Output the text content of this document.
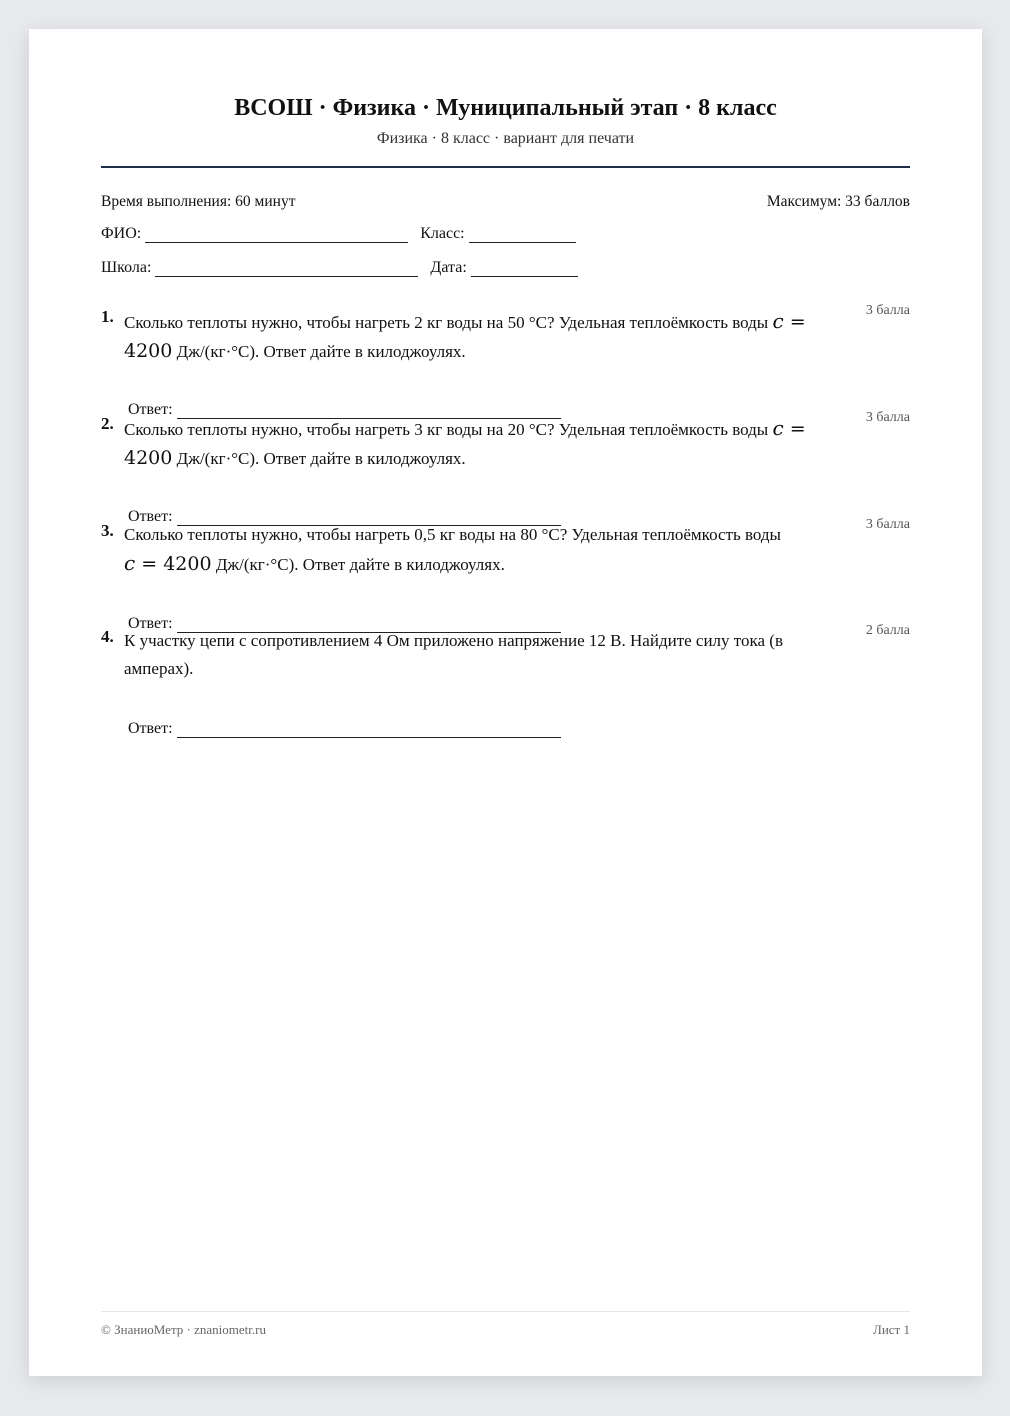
ВСОШ · Физика · Муниципальный этап · 8 класс
Физика · 8 класс · вариант для печати
Время выполнения: 60 минут	Максимум: 33 баллов
ФИО:	Класс:
Школа:	Дата:
1. Сколько теплоты нужно, чтобы нагреть 2 кг воды на 50 °C? Удельная теплоёмкость воды c =
4200 Дж/(кг·°C). Ответ дайте в килоджоулях.
3 балла
Ответ:
2. Сколько теплоты нужно, чтобы нагреть 3 кг воды на 20 °C? Удельная теплоёмкость воды c =
4200 Дж/(кг·°C). Ответ дайте в килоджоулях.
3 балла
Ответ:
3. Сколько теплоты нужно, чтобы нагреть 0,5 кг воды на 80 °C? Удельная теплоёмкость воды
c = 4200 Дж/(кг·°C). Ответ дайте в килоджоулях.
3 балла
Ответ:
4. К участку цепи с сопротивлением 4 Ом приложено напряжение 12 В. Найдите силу тока (в
амперах).
2 балла
Ответ:
© ЗнаниоМетр · znaniometr.ru	Лист 1
